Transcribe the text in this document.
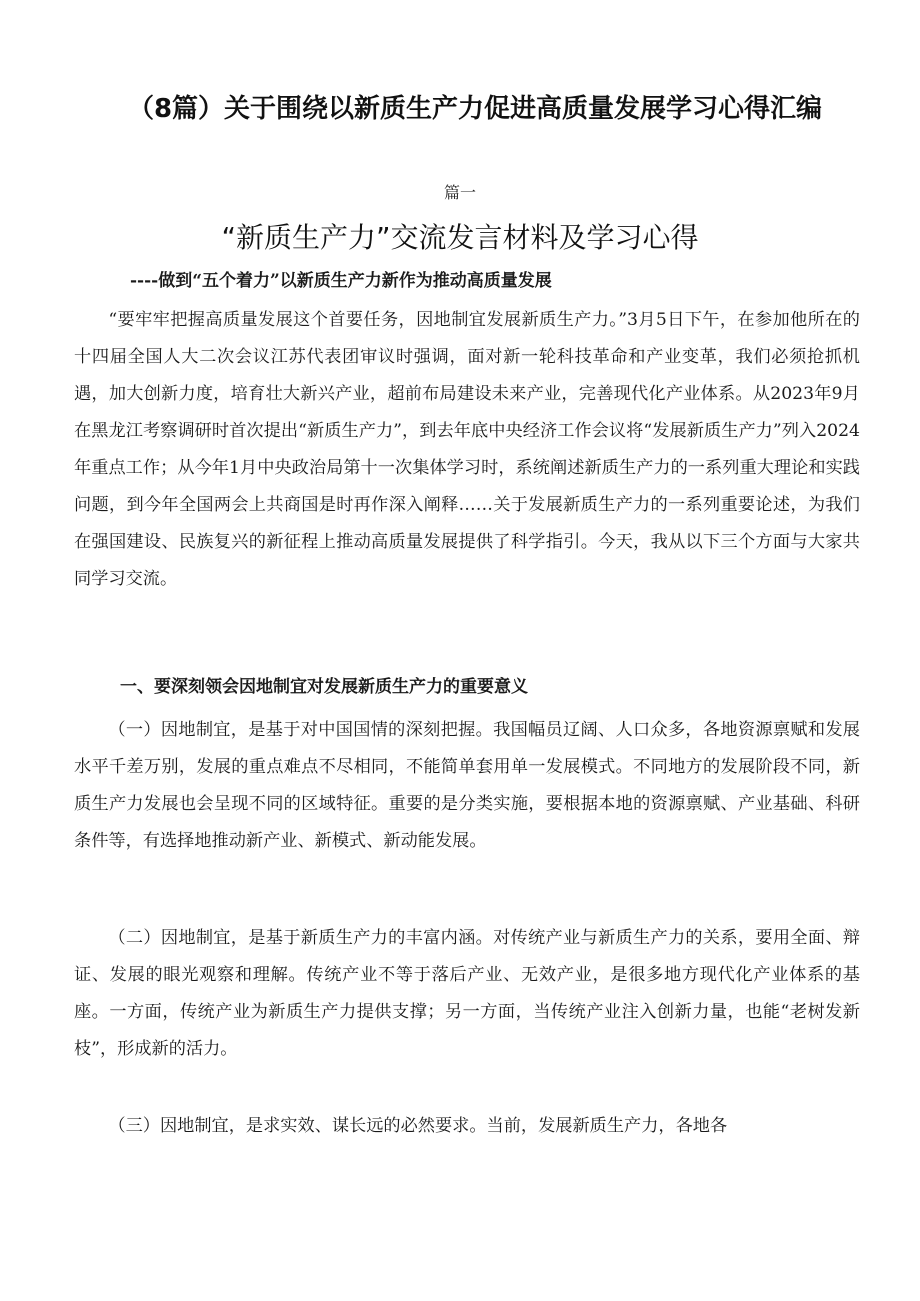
（8篇）关于围绕以新质生产力促进高质量发展学习心得汇编
篇一
“新质生产力”交流发言材料及学习心得
----做到“五个着力”以新质生产力新作为推动高质量发展

“要牢牢把握高质量发展这个首要任务，因地制宜发展新质生产力。”3月5日下午，在参加他所在的十四届全国人大二次会议江苏代表团审议时强调，面对新一轮科技革命和产业变革，我们必须抢抓机遇，加大创新力度，培育壮大新兴产业，超前布局建设未来产业，完善现代化产业体系。从2023年9月在黑龙江考察调研时首次提出“新质生产力”，到去年底中央经济工作会议将“发展新质生产力”列入2024年重点工作；从今年1月中央政治局第十一次集体学习时，系统阐述新质生产力的一系列重大理论和实践问题，到今年全国两会上共商国是时再作深入阐释……关于发展新质生产力的一系列重要论述，为我们在强国建设、民族复兴的新征程上推动高质量发展提供了科学指引。今天，我从以下三个方面与大家共同学习交流。

一、要深刻领会因地制宜对发展新质生产力的重要意义

（一）因地制宜，是基于对中国国情的深刻把握。我国幅员辽阔、人口众多，各地资源禀赋和发展水平千差万别，发展的重点难点不尽相同，不能简单套用单一发展模式。不同地方的发展阶段不同，新质生产力发展也会呈现不同的区域特征。重要的是分类实施，要根据本地的资源禀赋、产业基础、科研条件等，有选择地推动新产业、新模式、新动能发展。

（二）因地制宜，是基于新质生产力的丰富内涵。对传统产业与新质生产力的关系，要用全面、辩证、发展的眼光观察和理解。传统产业不等于落后产业、无效产业，是很多地方现代化产业体系的基座。一方面，传统产业为新质生产力提供支撑；另一方面，当传统产业注入创新力量，也能“老树发新枝”，形成新的活力。

（三）因地制宜，是求实效、谋长远的必然要求。当前，发展新质生产力，各地各
